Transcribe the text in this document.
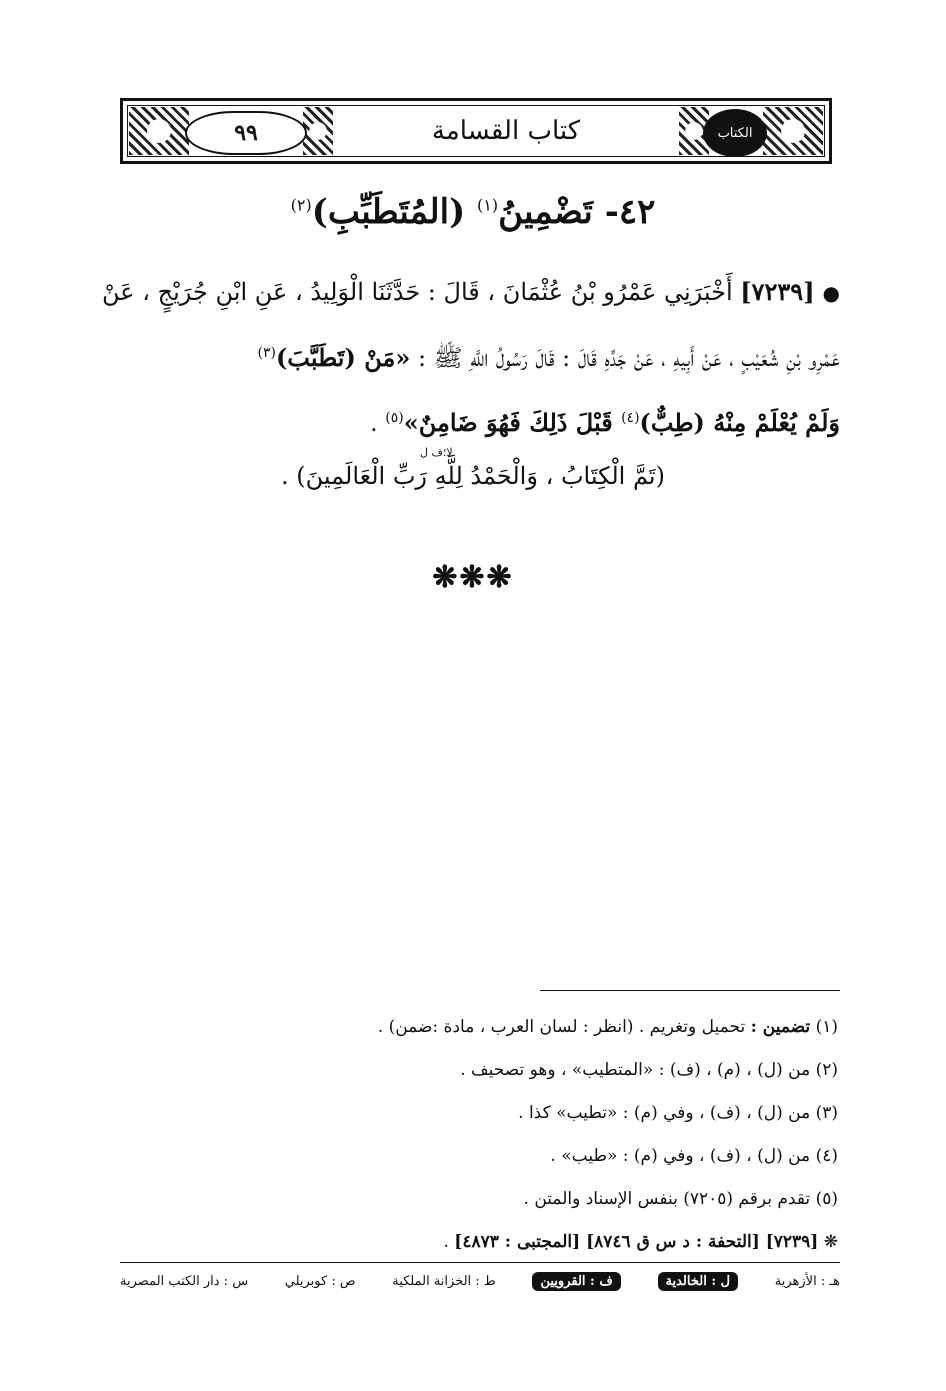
٩٩	كتاب القسامة	الكتاب
٤٢- تَضْمِينُ$^{(١)}$ (المُتَطَبِّبِ)$^{(٢)}$
●[٧٢٣٩] أَخْبَرَنِي عَمْرُو بْنُ عُثْمَانَ ، قَالَ : حَدَّثَنَا الْوَلِيدُ ، عَنِ ابْنِ جُرَيْجٍ ، عَنْ
عَمْرِو بْنِ شُعَيْبٍ ، عَنْ أَبِيهِ ، عَنْ جَدِّهِ قَالَ : قَالَ رَسُولُ اللَّهِ ﷺ : «مَنْ (تَطَبَّبَ)$^{(٣)}$
وَلَمْ يُعْلَمْ مِنْهُ (طِبٌّ)$^{(٤)}$ قَبْلَ ذَلِكَ فَهُوَ ضَامِنٌ»$^{(٥)}$ .
لا؛ف ل
(تَمَّ الْكِتَابُ ، وَالْحَمْدُ لِلَّهِ رَبِّ الْعَالَمِينَ) .
❋❋❋
(١) تضمين : تحميل وتغريم . (انظر : لسان العرب ، مادة :ضمن) .
(٢) من (ل) ، (م) ، (ف) : «المتطيب» ، وهو تصحيف .
(٣) من (ل) ، (ف) ، وفي (م) : «تطيب» كذا .
(٤) من (ل) ، (ف) ، وفي (م) : «طيب» .
(٥) تقدم برقم (٧٢٠٥) بنفس الإسناد والمتن .
❋ [٧٢٣٩] [التحفة : د س ق ٨٧٤٦] [المجتبى : ٤٨٧٣] .
س : دار الكتب المصرية	ص : كوبريلي	ط : الخزانة الملكية	ف : القرويين	ل : الخالدية	هـ : الأزهرية
